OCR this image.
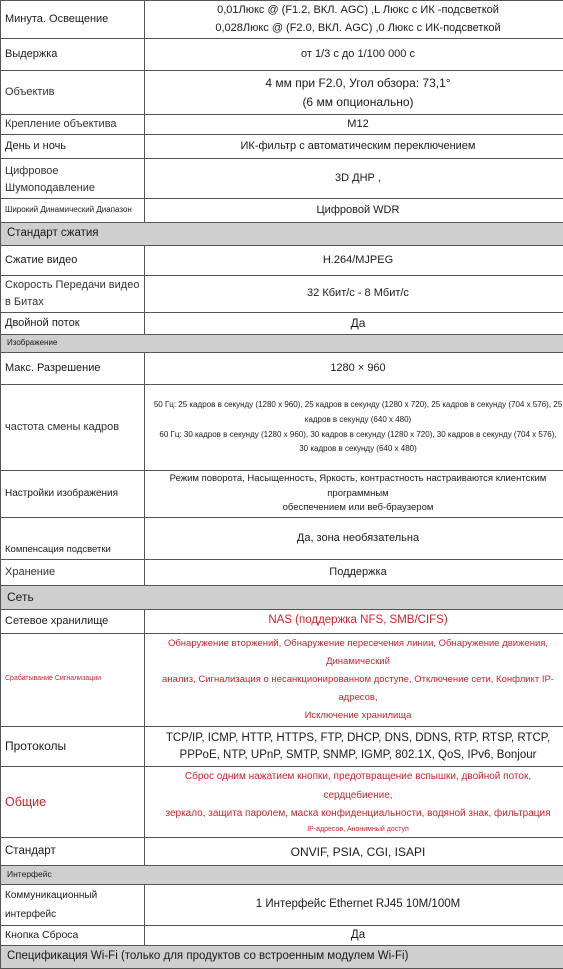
Минута. Освещение	0,01Люкс @ (F1.2, ВКЛ. AGC) ,L Люкс с ИК -подсветкой
0,028Люкс @ (F2.0, ВКЛ. AGC) ,0 Люкс с ИК-подсветкой

Выдержка	от 1/3 с до 1/100 000 с
Объектив	4 мм при F2.0, Угол обзора: 73,1°
(6 мм опционально)

Крепление объектива	M12
День и ночь	ИК-фильтр с автоматическим переключением
Цифровое Шумоподавление	3D ДНР ,
Широкий Динамический Диапазон	Цифровой WDR
Стандарт сжатия	
Сжатие видео	H.264/MJPEG
Скорость Передачи видео в Битах	32 Кбит/с - 8 Мбит/с
Двойной поток	Да
Изображение	
Макс. Разрешение	1280 × 960
частота смены кадров	50 Гц: 25 кадров в секунду (1280 x 960), 25 кадров в секунду (1280 x 720), 25 кадров в секунду (704 x 576), 25 кадров в секунду (640 x 480)
60 Гц: 30 кадров в секунду (1280 x 960), 30 кадров в секунду (1280 x 720), 30 кадров в секунду (704 x 576),
30 кадров в секунду (640 x 480)

Настройки изображения	Режим поворота, Насыщенность, Яркость, контрастность настраиваются клиентским программным
обеспечением или веб-браузером

Компенсация подсветки	Да, зона необязательна
Хранение	Поддержка
Сеть	
Сетевое хранилище	NAS (поддержка NFS, SMB/CIFS)
Срабатывание Сигнализации	Обнаружение вторжений, Обнаружение пересечения линии, Обнаружение движения, Динамический
анализ, Сигнализация о несанкционированном доступе, Отключение сети, Конфликт IP-адресов,
Исключение хранилища

Протоколы	TCP/IP, ICMP, HTTP, HTTPS, FTP, DHCP, DNS, DDNS, RTP, RTSP, RTCP,
PPPoE, NTP, UPnP, SMTP, SNMP, IGMP, 802.1X, QoS, IPv6, Bonjour

Общие	Сброс одним нажатием кнопки, предотвращение вспышки, двойной поток, сердцебиение,
зеркало, защита паролем, маска конфиденциальности, водяной знак, фильтрация
IP-адресов, Анонимный доступ

Стандарт	ONVIF, PSIA, CGI, ISAPI
Интерфейс	
Коммуникационный интерфейс	1 Интерфейс Ethernet RJ45 10M/100M
Кнопка Сброса	Да
Спецификация Wi-Fi (только для продуктов со встроенным модулем Wi-Fi)	
